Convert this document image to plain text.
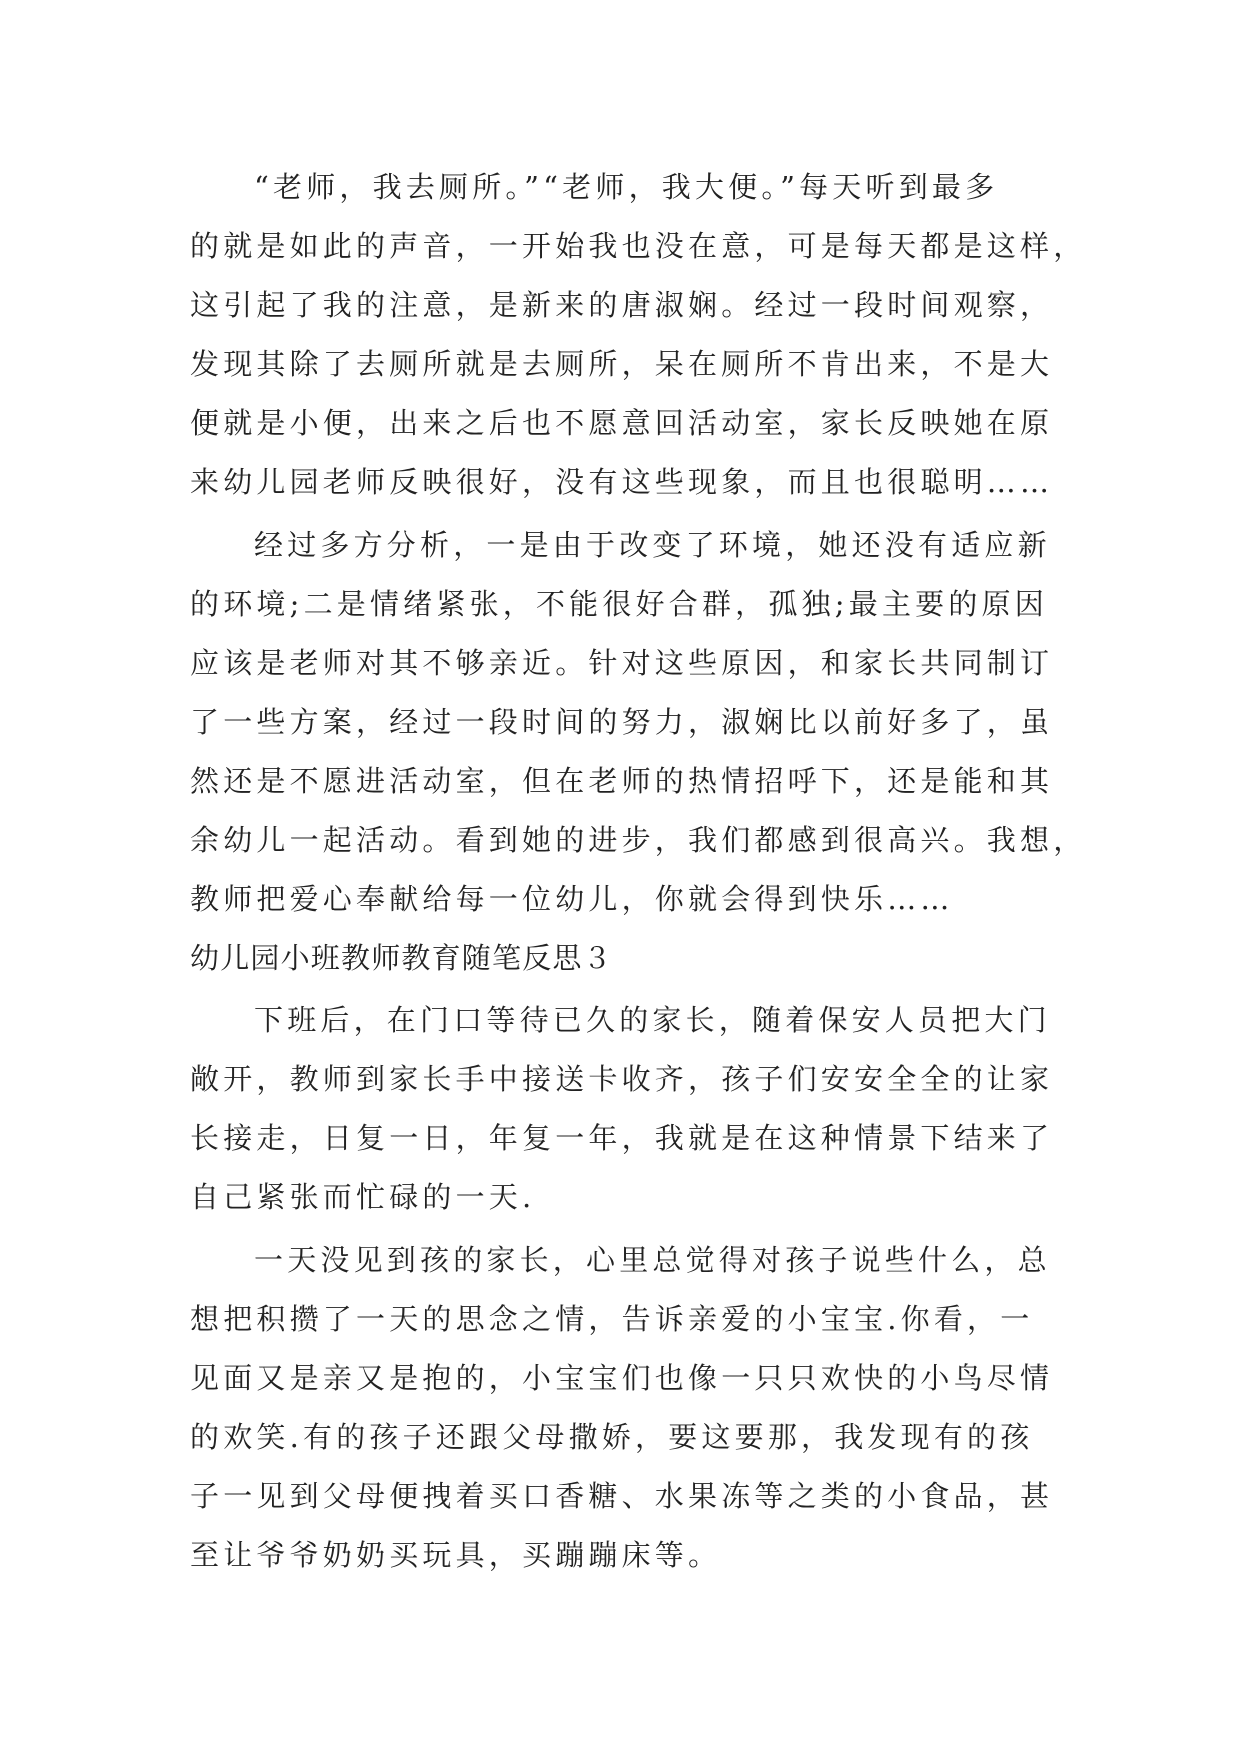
“老师，我去厕所。”“老师，我大便。”每天听到最多
的就是如此的声音，一开始我也没在意，可是每天都是这样，
这引起了我的注意，是新来的唐淑娴。经过一段时间观察，
发现其除了去厕所就是去厕所，呆在厕所不肯出来，不是大
便就是小便，出来之后也不愿意回活动室，家长反映她在原
来幼儿园老师反映很好，没有这些现象，而且也很聪明……
经过多方分析，一是由于改变了环境，她还没有适应新
的环境;二是情绪紧张，不能很好合群，孤独;最主要的原因
应该是老师对其不够亲近。针对这些原因，和家长共同制订
了一些方案，经过一段时间的努力，淑娴比以前好多了，虽
然还是不愿进活动室，但在老师的热情招呼下，还是能和其
余幼儿一起活动。看到她的进步，我们都感到很高兴。我想，
教师把爱心奉献给每一位幼儿，你就会得到快乐……
幼儿园小班教师教育随笔反思３
下班后，在门口等待已久的家长，随着保安人员把大门
敞开，教师到家长手中接送卡收齐，孩子们安安全全的让家
长接走，日复一日，年复一年，我就是在这种情景下结来了
自己紧张而忙碌的一天.
一天没见到孩的家长，心里总觉得对孩子说些什么，总
想把积攒了一天的思念之情，告诉亲爱的小宝宝.你看，一
见面又是亲又是抱的，小宝宝们也像一只只欢快的小鸟尽情
的欢笑.有的孩子还跟父母撒娇，要这要那，我发现有的孩
子一见到父母便拽着买口香糖、水果冻等之类的小食品，甚
至让爷爷奶奶买玩具，买蹦蹦床等。
